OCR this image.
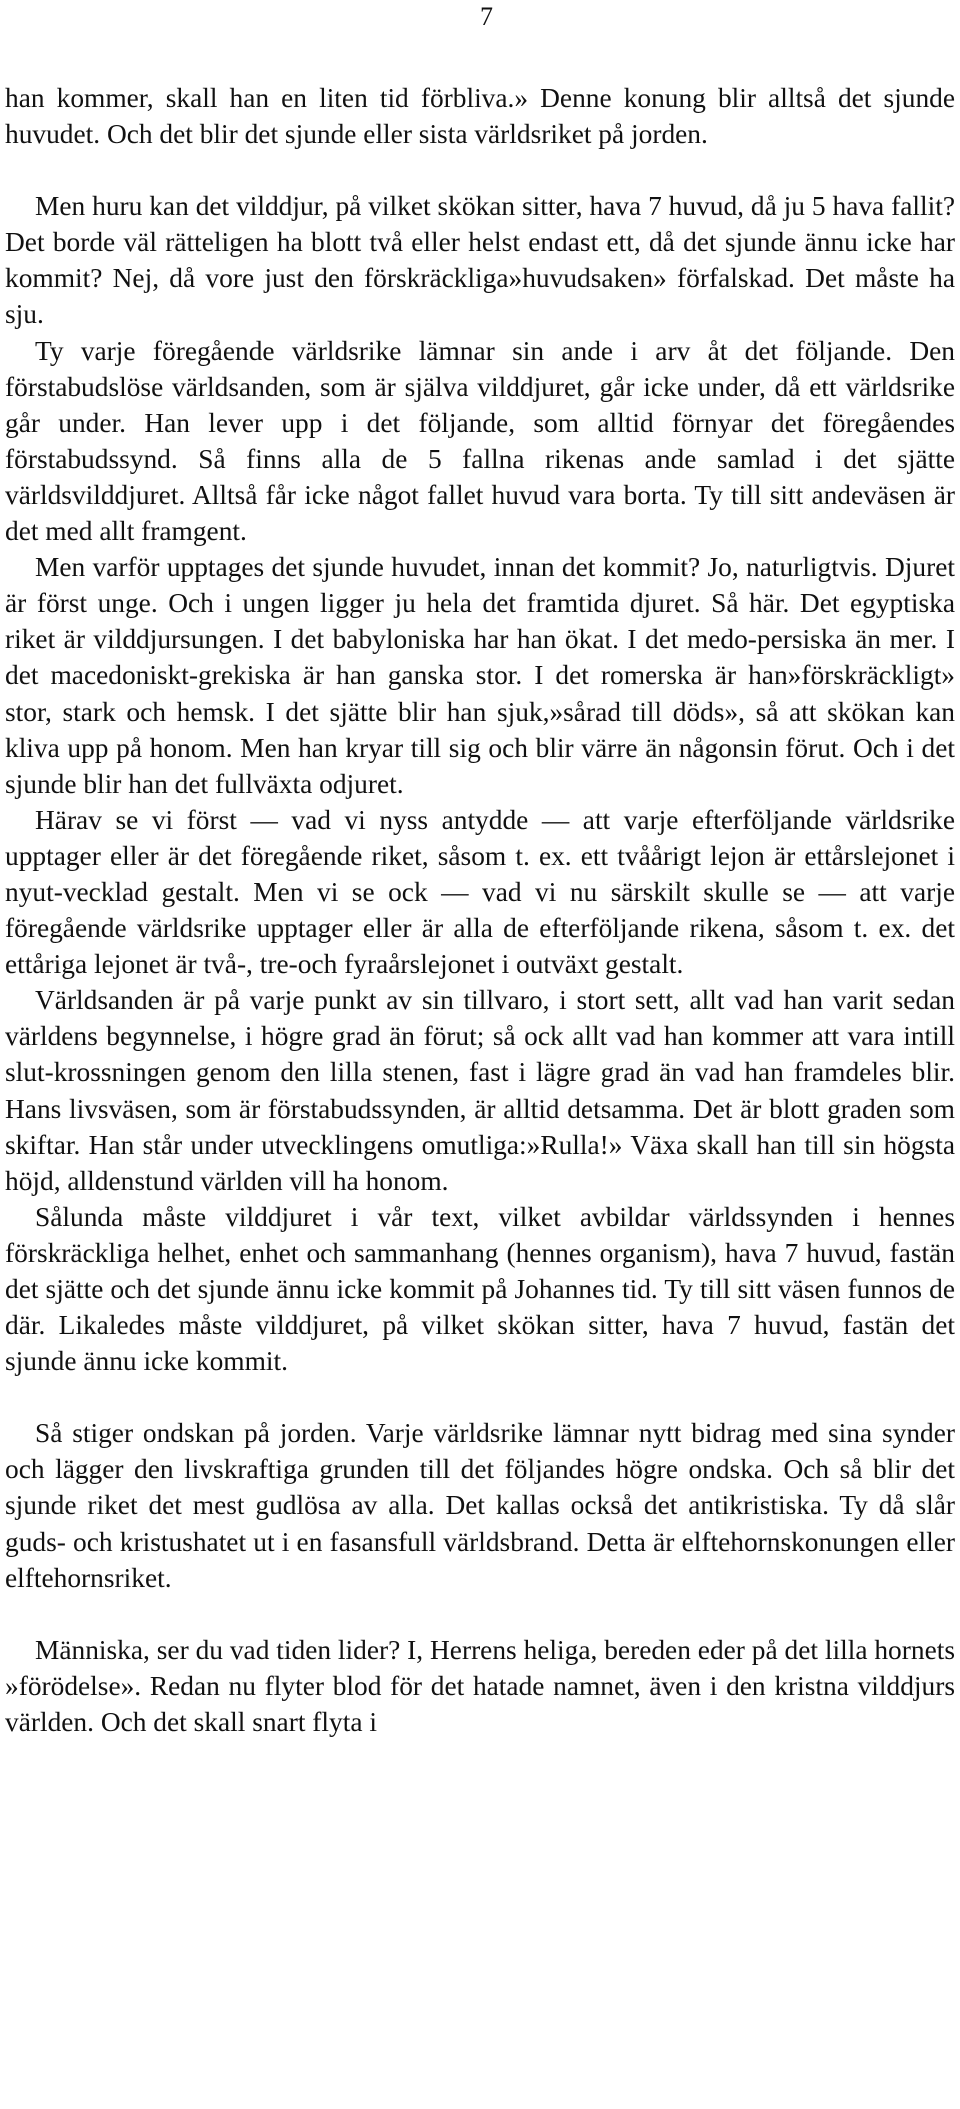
7

han kommer, skall han en liten tid förbliva.» Denne konung blir alltså det sjunde huvudet. Och det blir det sjunde eller sista världsriket på jorden.

Men huru kan det vilddjur, på vilket skökan sitter, hava 7 huvud, då ju 5 hava fallit? Det borde väl rätteligen ha blott två eller helst endast ett, då det sjunde ännu icke har kommit? Nej, då vore just den förskräckliga»huvudsaken» förfalskad. Det måste ha sju.

Ty varje föregående världsrike lämnar sin ande i arv åt det följande. Den förstabudslöse världsanden, som är själva vilddjuret, går icke under, då ett världsrike går under. Han lever upp i det följande, som alltid förnyar det föregåendes förstabudssynd. Så finns alla de 5 fallna rikenas ande samlad i det sjätte världsvilddjuret. Alltså får icke något fallet huvud vara borta. Ty till sitt andeväsen är det med allt framgent.

Men varför upptages det sjunde huvudet, innan det kommit? Jo, naturligtvis. Djuret är först unge. Och i ungen ligger ju hela det framtida djuret. Så här. Det egyptiska riket är vilddjursungen. I det babyloniska har han ökat. I det medo-persiska än mer. I det macedoniskt-grekiska är han ganska stor. I det romerska är han»förskräckligt» stor, stark och hemsk. I det sjätte blir han sjuk,»sårad till döds», så att skökan kan kliva upp på honom. Men han kryar till sig och blir värre än någonsin förut. Och i det sjunde blir han det fullväxta odjuret.

Härav se vi först — vad vi nyss antydde — att varje efterföljande världsrike upptager eller är det föregående riket, såsom t. ex. ett tvåårigt lejon är ettårslejonet i nyut-vecklad gestalt. Men vi se ock — vad vi nu särskilt skulle se — att varje föregående världsrike upptager eller är alla de efterföljande rikena, såsom t. ex. det ettåriga lejonet är två-, tre-och fyraårslejonet i outväxt gestalt.

Världsanden är på varje punkt av sin tillvaro, i stort sett, allt vad han varit sedan världens begynnelse, i högre grad än förut; så ock allt vad han kommer att vara intill slut-krossningen genom den lilla stenen, fast i lägre grad än vad han framdeles blir. Hans livsväsen, som är förstabudssynden, är alltid detsamma. Det är blott graden som skiftar. Han står under utvecklingens omutliga:»Rulla!» Växa skall han till sin högsta höjd, alldenstund världen vill ha honom.

Sålunda måste vilddjuret i vår text, vilket avbildar världssynden i hennes förskräckliga helhet, enhet och sammanhang (hennes organism), hava 7 huvud, fastän det sjätte och det sjunde ännu icke kommit på Johannes tid. Ty till sitt väsen funnos de där. Likaledes måste vilddjuret, på vilket skökan sitter, hava 7 huvud, fastän det sjunde ännu icke kommit.

Så stiger ondskan på jorden. Varje världsrike lämnar nytt bidrag med sina synder och lägger den livskraftiga grunden till det följandes högre ondska. Och så blir det sjunde riket det mest gudlösa av alla. Det kallas också det antikristiska. Ty då slår guds- och kristushatet ut i en fasansfull världsbrand. Detta är elftehornskonungen eller elftehornsriket.

Människa, ser du vad tiden lider? I, Herrens heliga, bereden eder på det lilla hornets »förödelse». Redan nu flyter blod för det hatade namnet, även i den kristna vilddjurs världen. Och det skall snart flyta i
